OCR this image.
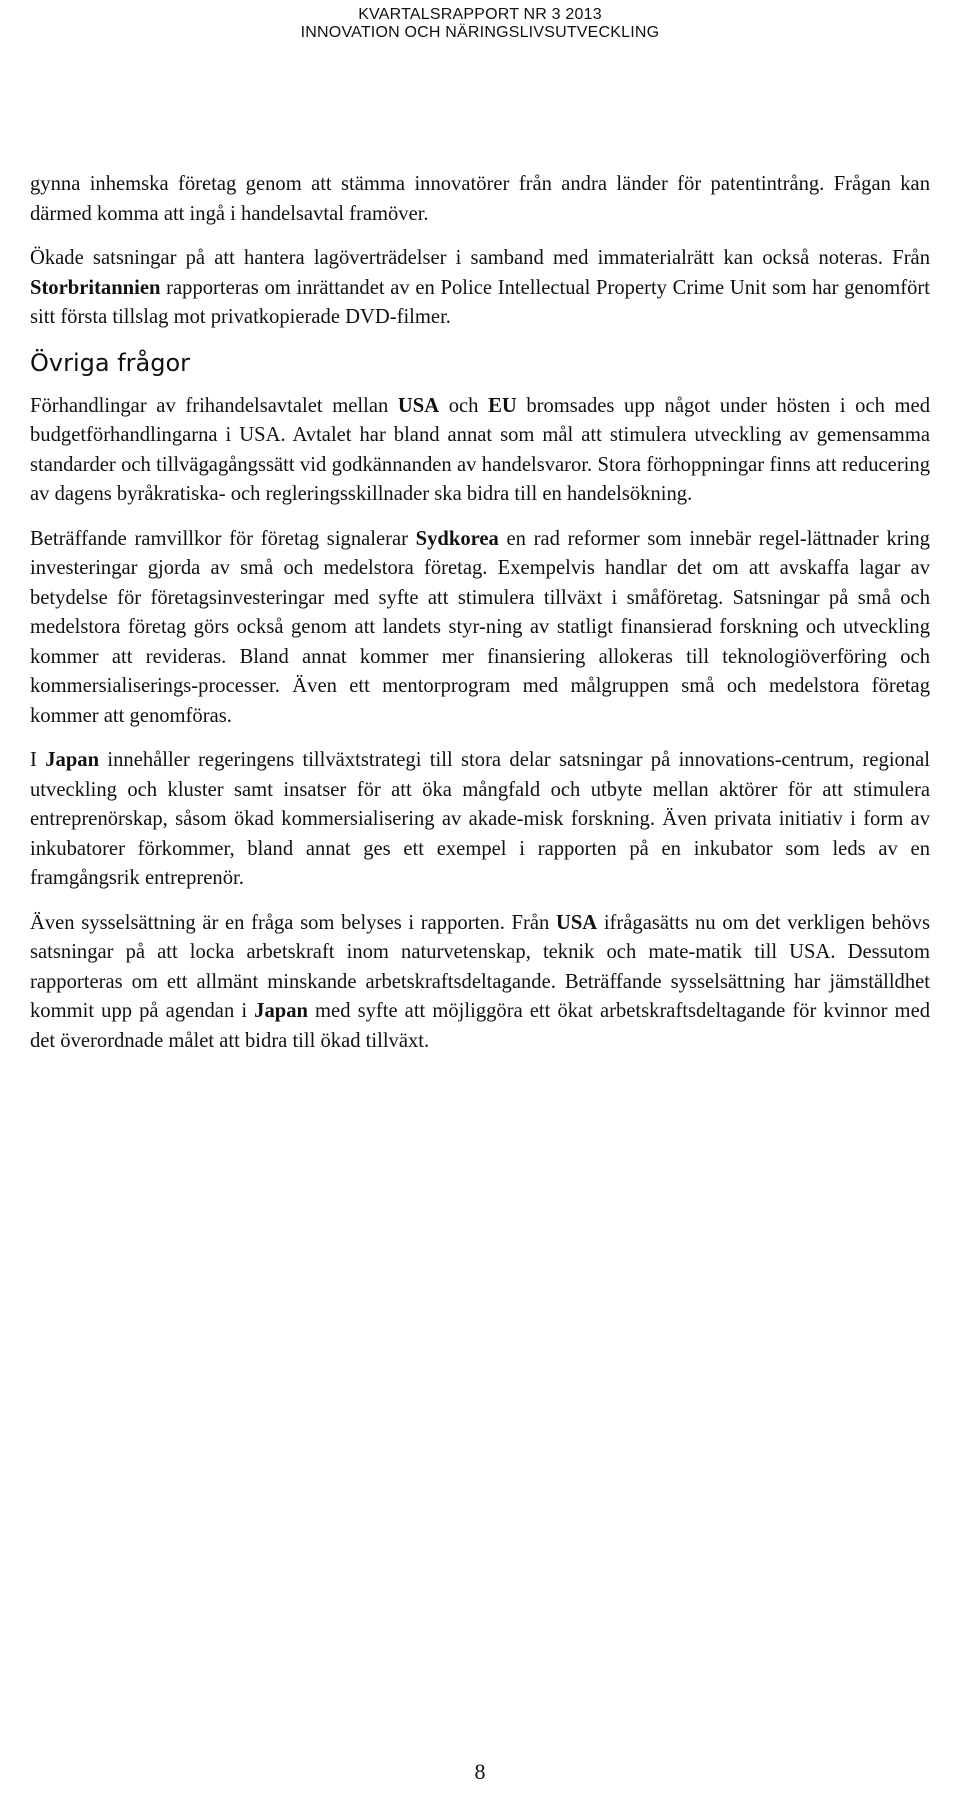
KVARTALSRAPPORT NR 3 2013
INNOVATION OCH NÄRINGSLIVSUTVECKLING

gynna inhemska företag genom att stämma innovatörer från andra länder för patentintrång. Frågan kan därmed komma att ingå i handelsavtal framöver.

Ökade satsningar på att hantera lagöverträdelser i samband med immaterialrätt kan också noteras. Från Storbritannien rapporteras om inrättandet av en Police Intellectual Property Crime Unit som har genomfört sitt första tillslag mot privatkopierade DVD-filmer.

Övriga frågor

Förhandlingar av frihandelsavtalet mellan USA och EU bromsades upp något under hösten i och med budgetförhandlingarna i USA. Avtalet har bland annat som mål att stimulera utveckling av gemensamma standarder och tillvägagångssätt vid godkännanden av handelsvaror. Stora förhoppningar finns att reducering av dagens byråkratiska- och regleringsskillnader ska bidra till en handelsökning.

Beträffande ramvillkor för företag signalerar Sydkorea en rad reformer som innebär regel-lättnader kring investeringar gjorda av små och medelstora företag. Exempelvis handlar det om att avskaffa lagar av betydelse för företagsinvesteringar med syfte att stimulera tillväxt i småföretag. Satsningar på små och medelstora företag görs också genom att landets styr-ning av statligt finansierad forskning och utveckling kommer att revideras. Bland annat kommer mer finansiering allokeras till teknologiöverföring och kommersialiserings-processer. Även ett mentorprogram med målgruppen små och medelstora företag kommer att genomföras.

I Japan innehåller regeringens tillväxtstrategi till stora delar satsningar på innovations-centrum, regional utveckling och kluster samt insatser för att öka mångfald och utbyte mellan aktörer för att stimulera entreprenörskap, såsom ökad kommersialisering av akade-misk forskning. Även privata initiativ i form av inkubatorer förkommer, bland annat ges ett exempel i rapporten på en inkubator som leds av en framgångsrik entreprenör.

Även sysselsättning är en fråga som belyses i rapporten. Från USA ifrågasätts nu om det verkligen behövs satsningar på att locka arbetskraft inom naturvetenskap, teknik och mate-matik till USA. Dessutom rapporteras om ett allmänt minskande arbetskraftsdeltagande. Beträffande sysselsättning har jämställdhet kommit upp på agendan i Japan med syfte att möjliggöra ett ökat arbetskraftsdeltagande för kvinnor med det överordnade målet att bidra till ökad tillväxt.

8
